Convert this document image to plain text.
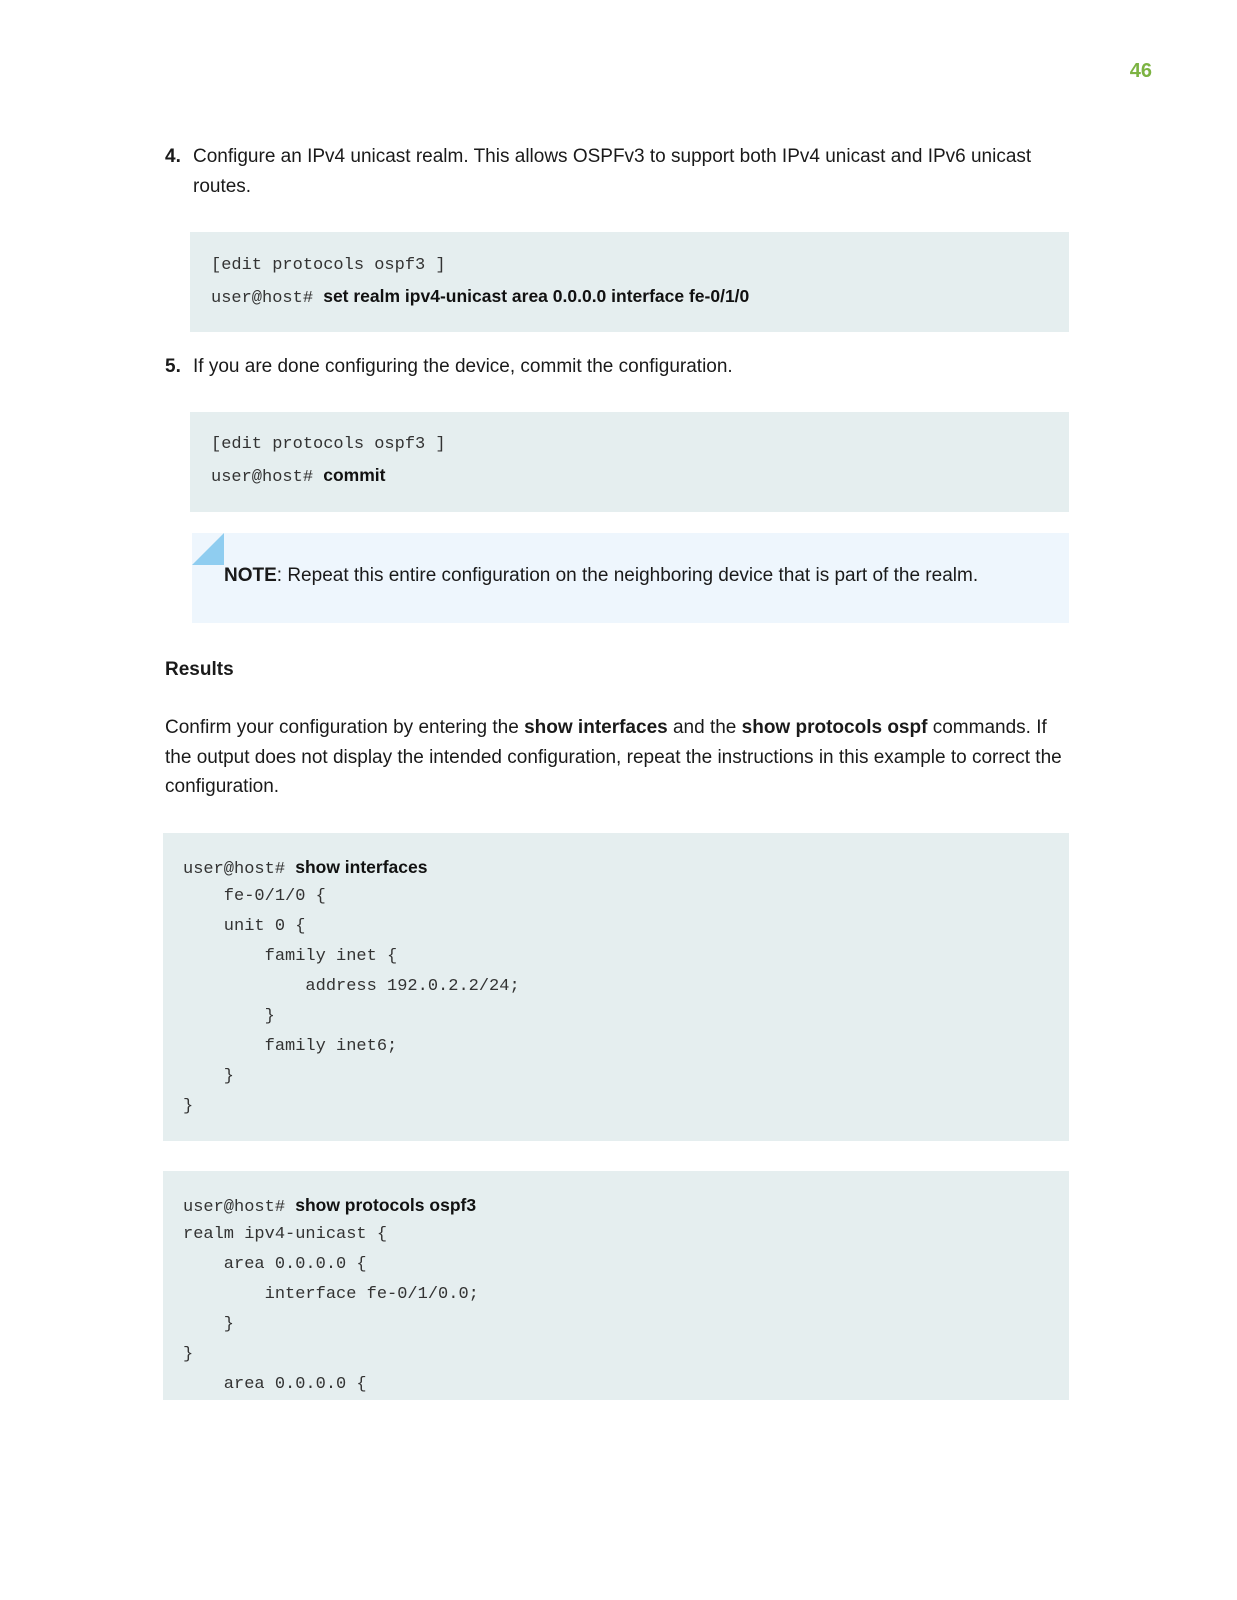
46
4. Configure an IPv4 unicast realm. This allows OSPFv3 to support both IPv4 unicast and IPv6 unicast routes.
[edit protocols ospf3 ]
user@host# set realm ipv4-unicast area 0.0.0.0 interface fe-0/1/0
5. If you are done configuring the device, commit the configuration.
[edit protocols ospf3 ]
user@host# commit
NOTE: Repeat this entire configuration on the neighboring device that is part of the realm.
Results
Confirm your configuration by entering the show interfaces and the show protocols ospf commands. If the output does not display the intended configuration, repeat the instructions in this example to correct the configuration.
user@host# show interfaces
fe-0/1/0 {
unit 0 {
family inet {
address 192.0.2.2/24;
}
family inet6;
}
}
user@host# show protocols ospf3
realm ipv4-unicast {
area 0.0.0.0 {
interface fe-0/1/0.0;
}
}
area 0.0.0.0 {
